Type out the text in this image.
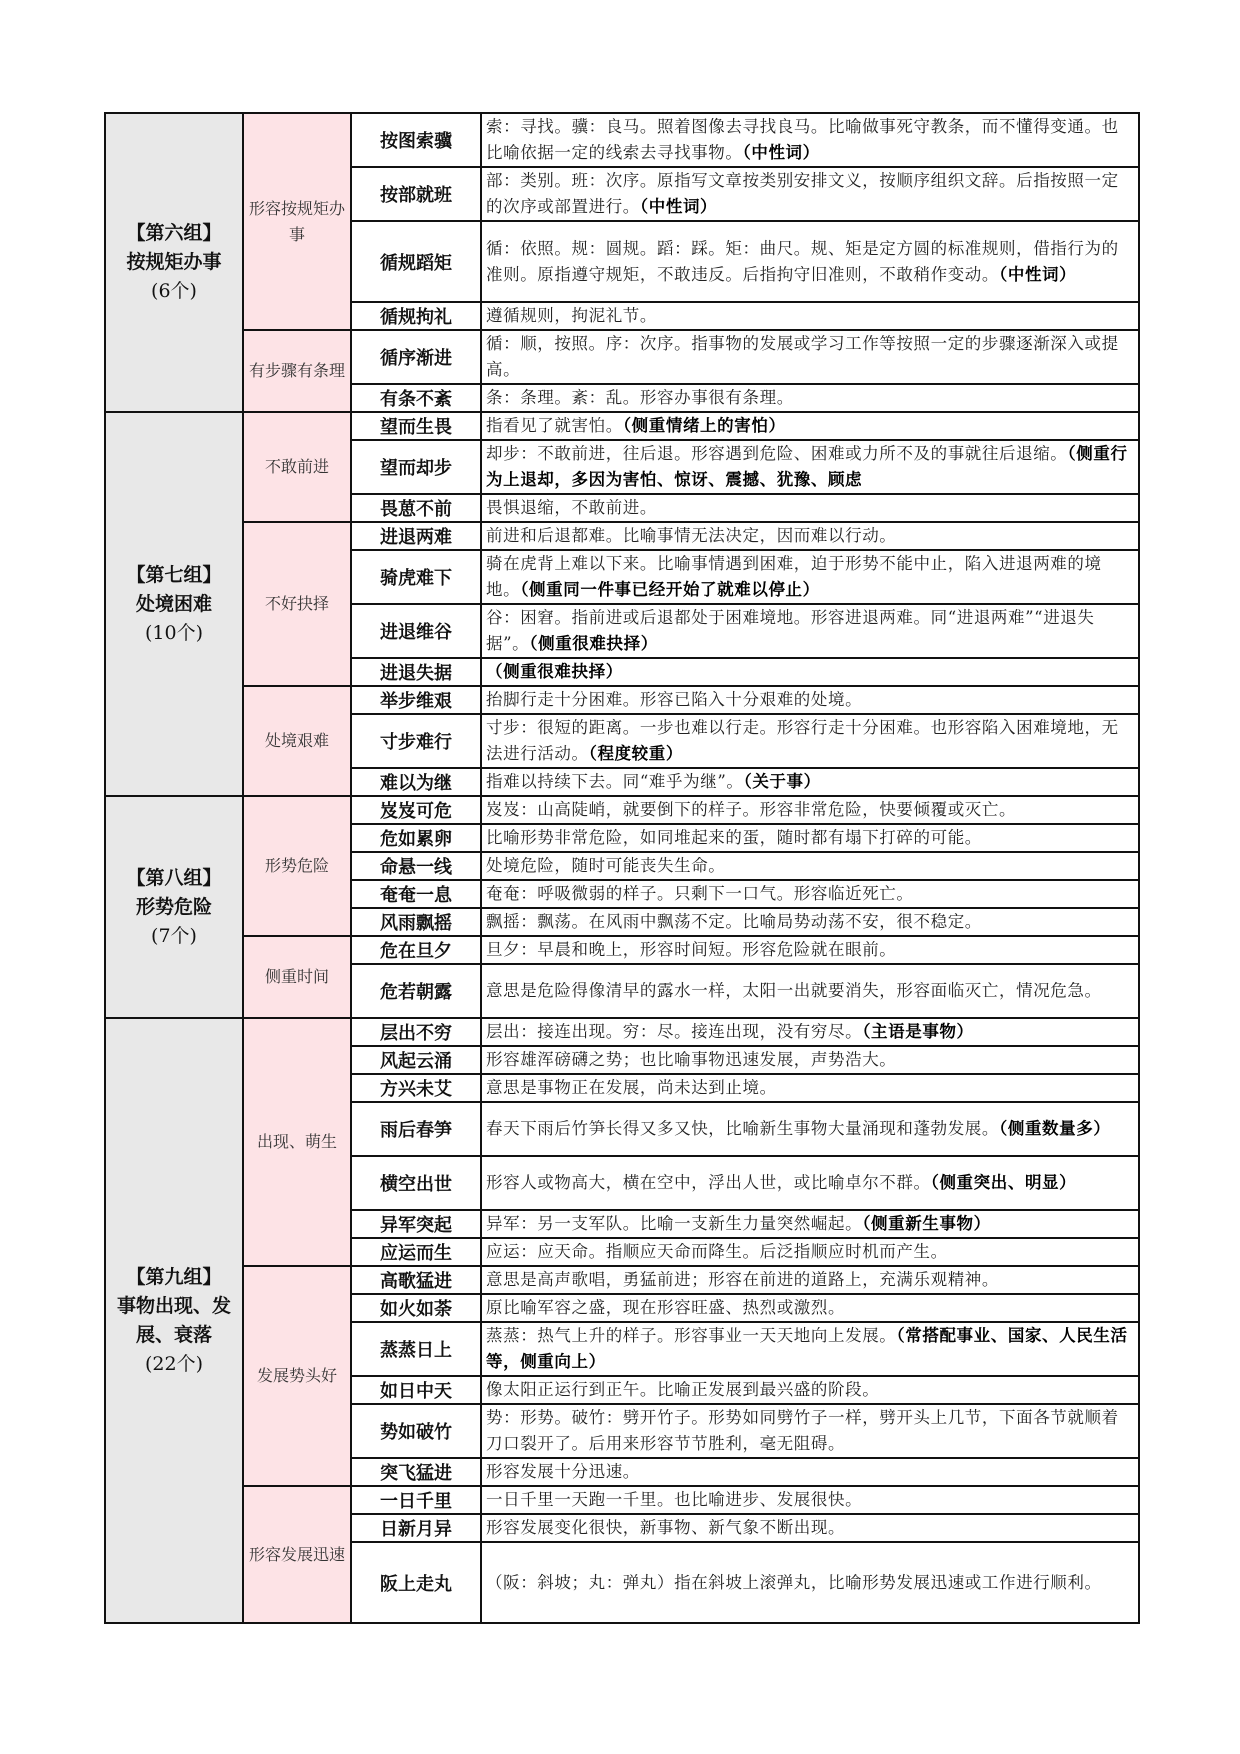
【第六组】
按规矩办事
(6个)	形容按规矩办事	按图索骥	索：寻找。骥：良马。照着图像去寻找良马。比喻做事死守教条，而不懂得变通。也比喻依据一定的线索去寻找事物。（中性词）
		按部就班	部：类别。班：次序。原指写文章按类别安排文义，按顺序组织文辞。后指按照一定的次序或部置进行。（中性词）
		循规蹈矩	循：依照。规：圆规。蹈：踩。矩：曲尺。规、矩是定方圆的标准规则，借指行为的准则。原指遵守规矩，不敢违反。后指拘守旧准则，不敢稍作变动。（中性词）
		循规拘礼	遵循规则，拘泥礼节。
	有步骤有条理	循序渐进	循：顺，按照。序：次序。指事物的发展或学习工作等按照一定的步骤逐渐深入或提高。
		有条不紊	条：条理。紊：乱。形容办事很有条理。

【第七组】
处境困难
(10个)	不敢前进	望而生畏	指看见了就害怕。（侧重情绪上的害怕）
		望而却步	却步：不敢前进，往后退。形容遇到危险、困难或力所不及的事就往后退缩。（侧重行为上退却，多因为害怕、惊讶、震撼、犹豫、顾虑
		畏葸不前	畏惧退缩，不敢前进。
	不好抉择	进退两难	前进和后退都难。比喻事情无法决定，因而难以行动。
		骑虎难下	骑在虎背上难以下来。比喻事情遇到困难，迫于形势不能中止，陷入进退两难的境地。（侧重同一件事已经开始了就难以停止）
		进退维谷	谷：困窘。指前进或后退都处于困难境地。形容进退两难。同“进退两难”“进退失据”。（侧重很难抉择）
		进退失据	（侧重很难抉择）
	处境艰难	举步维艰	抬脚行走十分困难。形容已陷入十分艰难的处境。
		寸步难行	寸步：很短的距离。一步也难以行走。形容行走十分困难。也形容陷入困难境地，无法进行活动。（程度较重）
		难以为继	指难以持续下去。同“难乎为继”。（关于事）

【第八组】
形势危险
(7个)	形势危险	岌岌可危	岌岌：山高陡峭，就要倒下的样子。形容非常危险，快要倾覆或灭亡。
		危如累卵	比喻形势非常危险，如同堆起来的蛋，随时都有塌下打碎的可能。
		命悬一线	处境危险，随时可能丧失生命。
		奄奄一息	奄奄：呼吸微弱的样子。只剩下一口气。形容临近死亡。
		风雨飘摇	飘摇：飘荡。在风雨中飘荡不定。比喻局势动荡不安，很不稳定。
	侧重时间	危在旦夕	旦夕：早晨和晚上，形容时间短。形容危险就在眼前。
		危若朝露	意思是危险得像清早的露水一样，太阳一出就要消失，形容面临灭亡，情况危急。

【第九组】
事物出现、发展、衰落
(22个)	出现、萌生	层出不穷	层出：接连出现。穷：尽。接连出现，没有穷尽。（主语是事物）
		风起云涌	形容雄浑磅礴之势；也比喻事物迅速发展，声势浩大。
		方兴未艾	意思是事物正在发展，尚未达到止境。
		雨后春笋	春天下雨后竹笋长得又多又快，比喻新生事物大量涌现和蓬勃发展。（侧重数量多）
		横空出世	形容人或物高大，横在空中，浮出人世，或比喻卓尔不群。（侧重突出、明显）
		异军突起	异军：另一支军队。比喻一支新生力量突然崛起。（侧重新生事物）
		应运而生	应运：应天命。指顺应天命而降生。后泛指顺应时机而产生。
	发展势头好	高歌猛进	意思是高声歌唱，勇猛前进；形容在前进的道路上，充满乐观精神。
		如火如荼	原比喻军容之盛，现在形容旺盛、热烈或激烈。
		蒸蒸日上	蒸蒸：热气上升的样子。形容事业一天天地向上发展。（常搭配事业、国家、人民生活等，侧重向上）
		如日中天	像太阳正运行到正午。比喻正发展到最兴盛的阶段。
		势如破竹	势：形势。破竹：劈开竹子。形势如同劈竹子一样，劈开头上几节，下面各节就顺着刀口裂开了。后用来形容节节胜利，毫无阻碍。
		突飞猛进	形容发展十分迅速。
	形容发展迅速	一日千里	一日千里一天跑一千里。也比喻进步、发展很快。
		日新月异	形容发展变化很快，新事物、新气象不断出现。
		阪上走丸	（阪：斜坡；丸：弹丸）指在斜坡上滚弹丸，比喻形势发展迅速或工作进行顺利。
